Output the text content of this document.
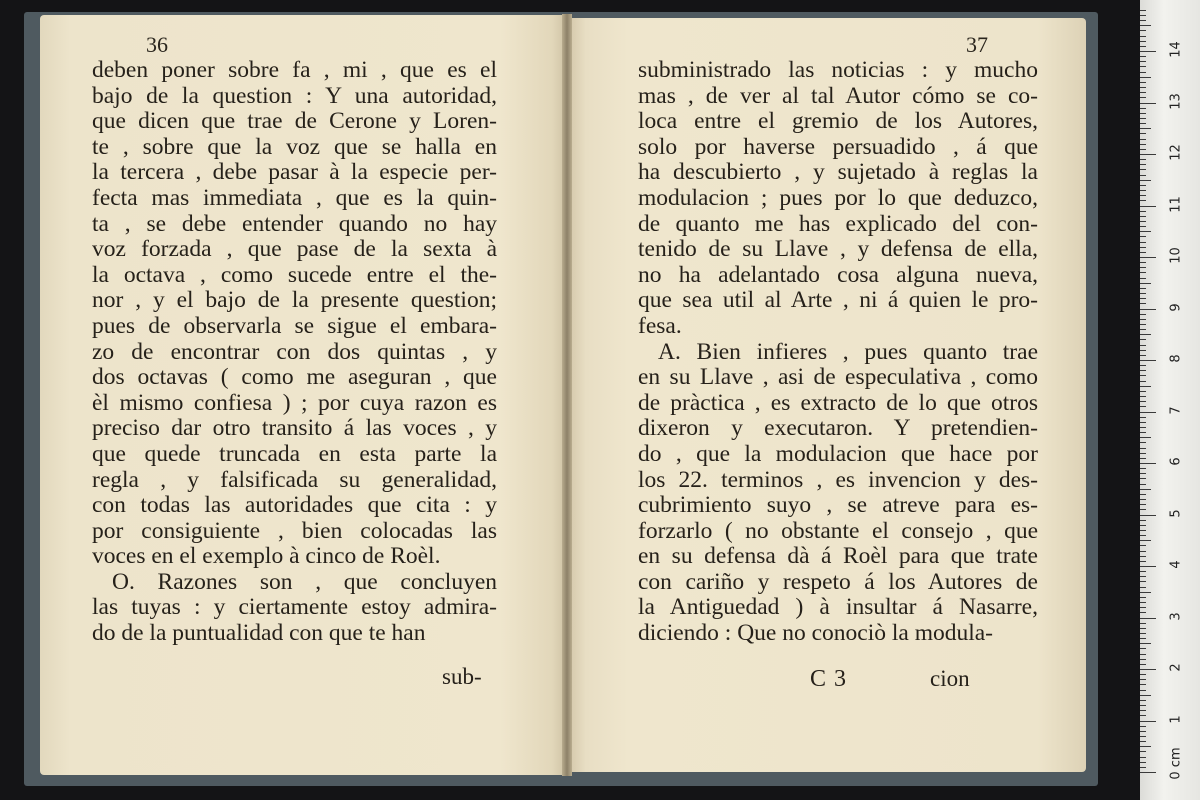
36
deben poner sobre fa , mi , que es el
bajo de la question : Y una autoridad,
que dicen que trae de Cerone y Loren-
te , sobre que la voz que se halla en
la tercera , debe pasar à la especie per-
fecta mas immediata , que es la quin-
ta , se debe entender quando no hay
voz forzada , que pase de la sexta à
la octava , como sucede entre el the-
nor , y el bajo de la presente question;
pues de observarla se sigue el embara-
zo de encontrar con dos quintas , y
dos octavas ( como me aseguran , que
èl mismo confiesa ) ; por cuya razon es
preciso dar otro transito á las voces , y
que quede truncada en esta parte la
regla , y falsificada su generalidad,
con todas las autoridades que cita : y
por consiguiente , bien colocadas las
voces en el exemplo à cinco de Roèl.
O. Razones son , que concluyen
las tuyas : y ciertamente estoy admira-
do de la puntualidad con que te han
sub-
37
subministrado las noticias : y mucho
mas , de ver al tal Autor cómo se co-
loca entre el gremio de los Autores,
solo por haverse persuadido , á que
ha descubierto , y sujetado à reglas la
modulacion ; pues por lo que deduzco,
de quanto me has explicado del con-
tenido de su Llave , y defensa de ella,
no ha adelantado cosa alguna nueva,
que sea util al Arte , ni á quien le pro-
fesa.
A. Bien infieres , pues quanto trae
en su Llave , asi de especulativa , como
de pràctica , es extracto de lo que otros
dixeron y executaron. Y pretendien-
do , que la modulacion que hace por
los 22. terminos , es invencion y des-
cubrimiento suyo , se atreve para es-
forzarlo ( no obstante el consejo , que
en su defensa dà á Roèl para que trate
con cariño y respeto á los Autores de
la Antiguedad ) à insultar á Nasarre,
diciendo : Que no conociò la modula-
C 3	cion
0 cm
1
2
3
4
5
6
7
8
9
10
11
12
13
14
